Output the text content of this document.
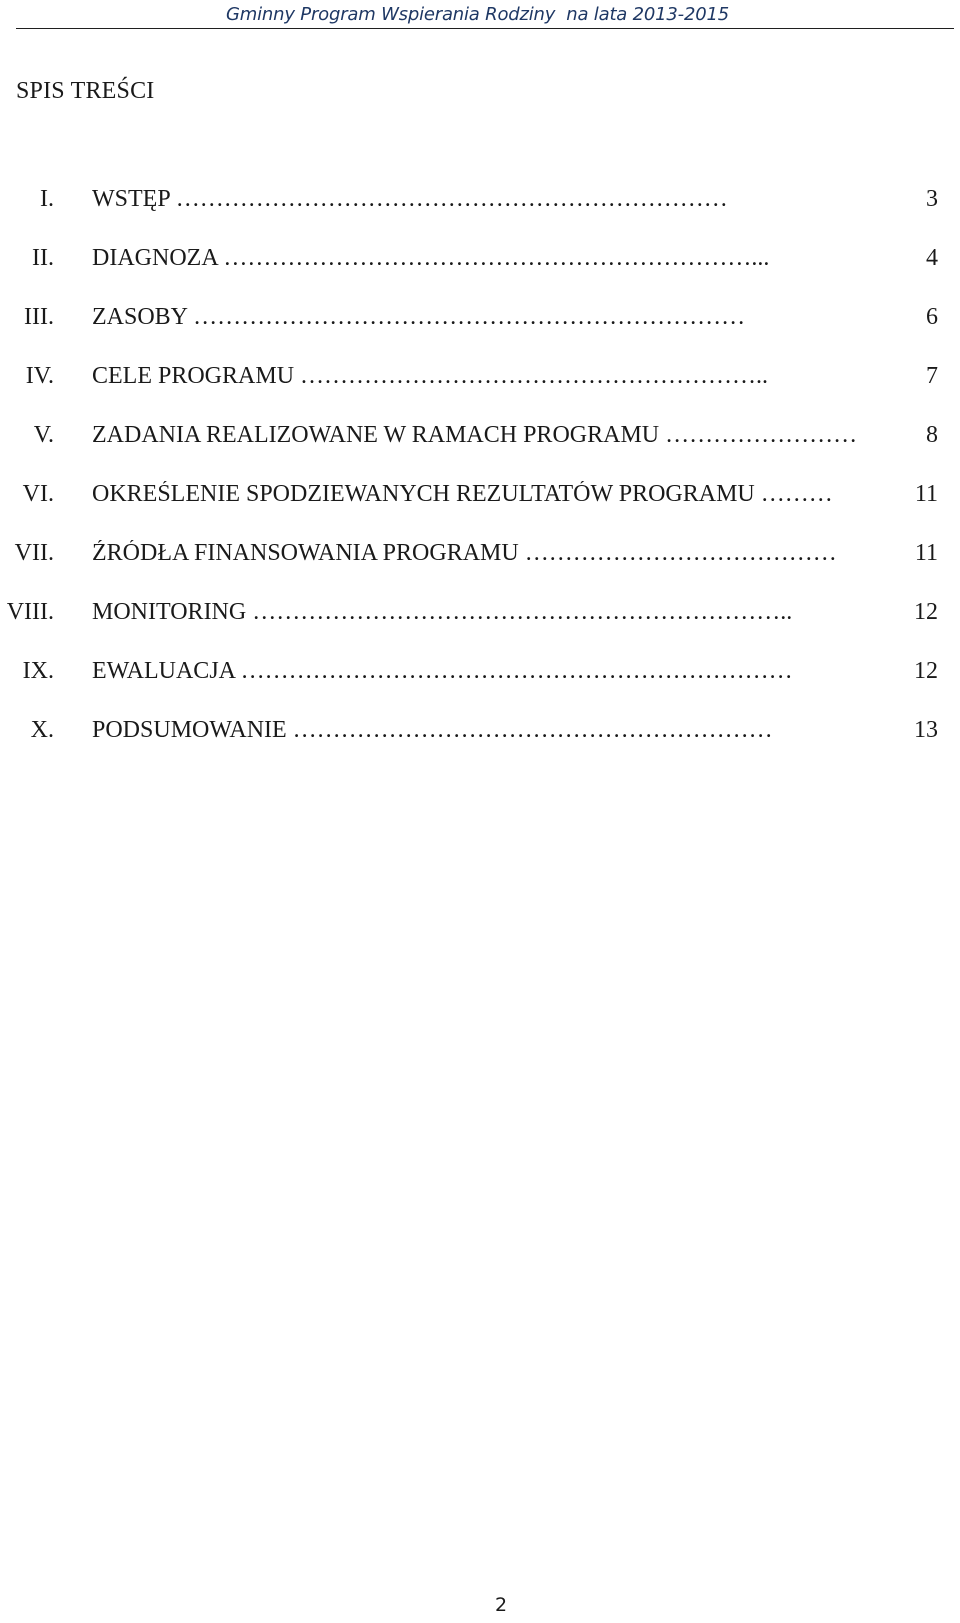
Gminny Program Wspierania Rodziny  na lata 2013-2015
SPIS TREŚCI
I. WSTĘP ……………………………………………………………	3
II. DIAGNOZA …………………………………………………………...	4
III. ZASOBY ……………………………………………………………	6
IV. CELE PROGRAMU …………………………………………………..	7
V. ZADANIA REALIZOWANE W RAMACH PROGRAMU ……………………	8
VI. OKREŚLENIE SPODZIEWANYCH REZULTATÓW PROGRAMU ………	11
VII. ŹRÓDŁA FINANSOWANIA PROGRAMU …………………………………	11
VIII. MONITORING …………………………………………………………..	12
IX. EWALUACJA ……………………………………………………………	12
X. PODSUMOWANIE ……………………………………………………	13
2
